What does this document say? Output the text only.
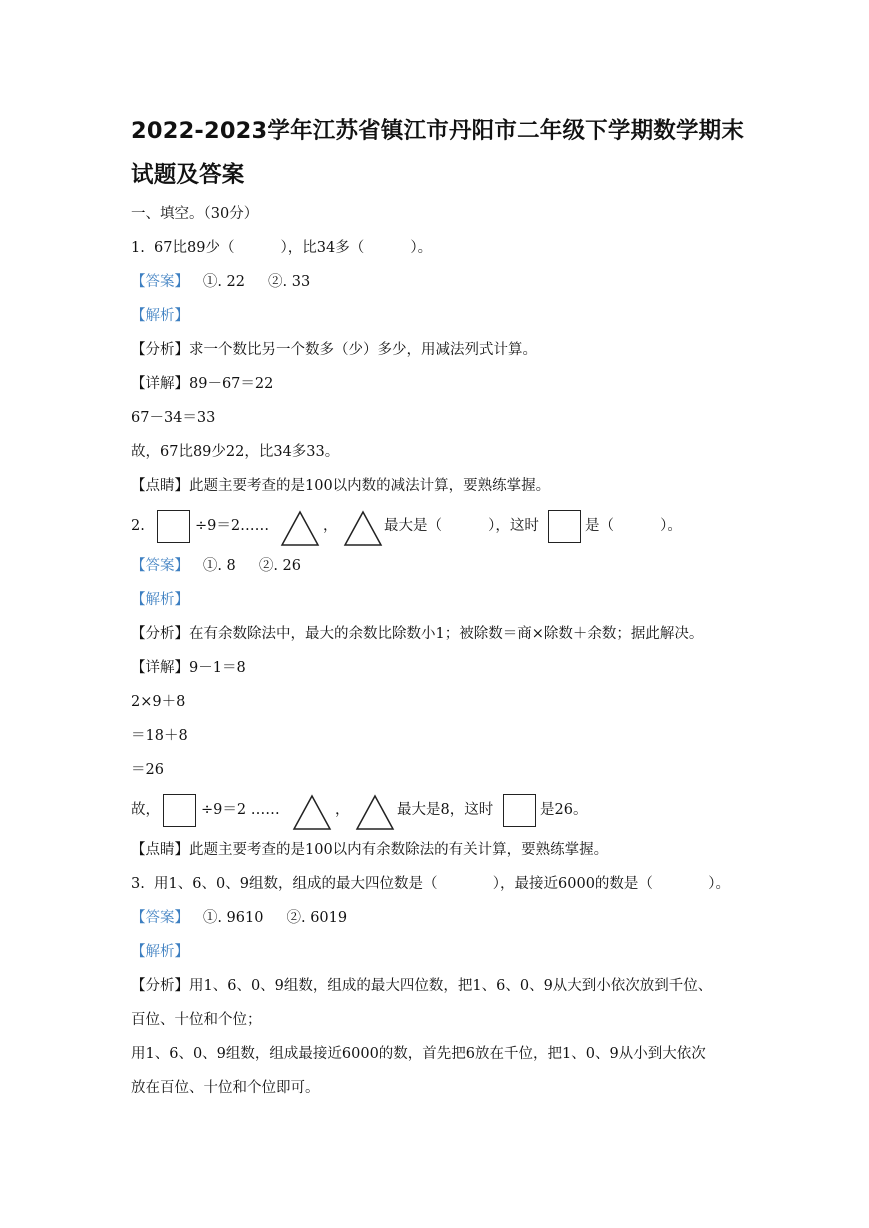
2022-2023学年江苏省镇江市丹阳市二年级下学期数学期末
试题及答案
一、填空。（30分）
1.  67比89少（          ），比34多（          ）。
【答案】   ①. 22     ②. 33
【解析】
【分析】求一个数比另一个数多（少）多少，用减法列式计算。
【详解】89－67＝22
67－34＝33
故，67比89少22，比34多33。
【点睛】此题主要考查的是100以内数的减法计算，要熟练掌握。
2.	÷9＝2……	，	最大是（          ），这时	是（          ）。
【答案】   ①. 8     ②. 26
【解析】
【分析】在有余数除法中，最大的余数比除数小1；被除数＝商×除数＋余数；据此解决。
【详解】9－1＝8
2×9＋8
＝18＋8
＝26
故，	÷9＝2 ……	，	最大是8，这时	是26。
【点睛】此题主要考查的是100以内有余数除法的有关计算，要熟练掌握。
3.  用1、6、0、9组数，组成的最大四位数是（            ），最接近6000的数是（            ）。
【答案】   ①. 9610     ②. 6019
【解析】
【分析】用1、6、0、9组数，组成的最大四位数，把1、6、0、9从大到小依次放到千位、
百位、十位和个位；
用1、6、0、9组数，组成最接近6000的数，首先把6放在千位，把1、0、9从小到大依次
放在百位、十位和个位即可。
